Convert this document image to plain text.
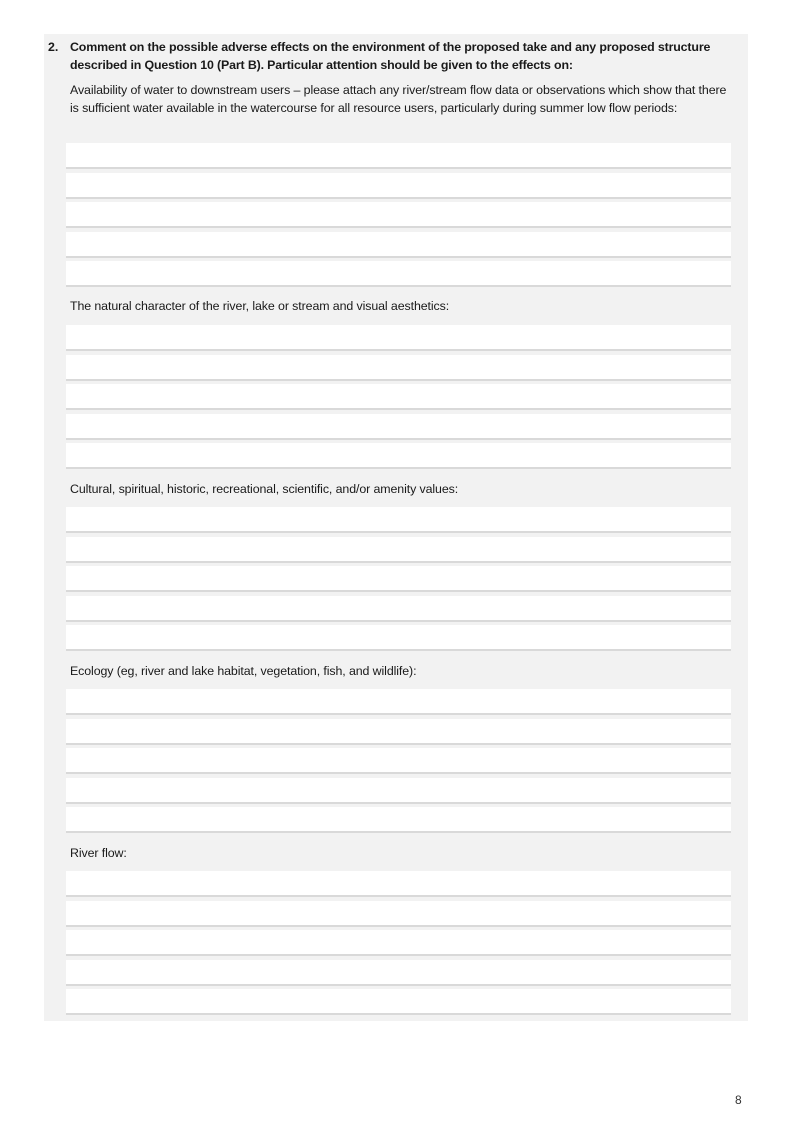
2. Comment on the possible adverse effects on the environment of the proposed take and any proposed structure described in Question 10 (Part B). Particular attention should be given to the effects on:
Availability of water to downstream users – please attach any river/stream flow data or observations which show that there is sufficient water available in the watercourse for all resource users, particularly during summer low flow periods:
The natural character of the river, lake or stream and visual aesthetics:
Cultural, spiritual, historic, recreational, scientific, and/or amenity values:
Ecology (eg, river and lake habitat, vegetation, fish, and wildlife):
River flow:
8
